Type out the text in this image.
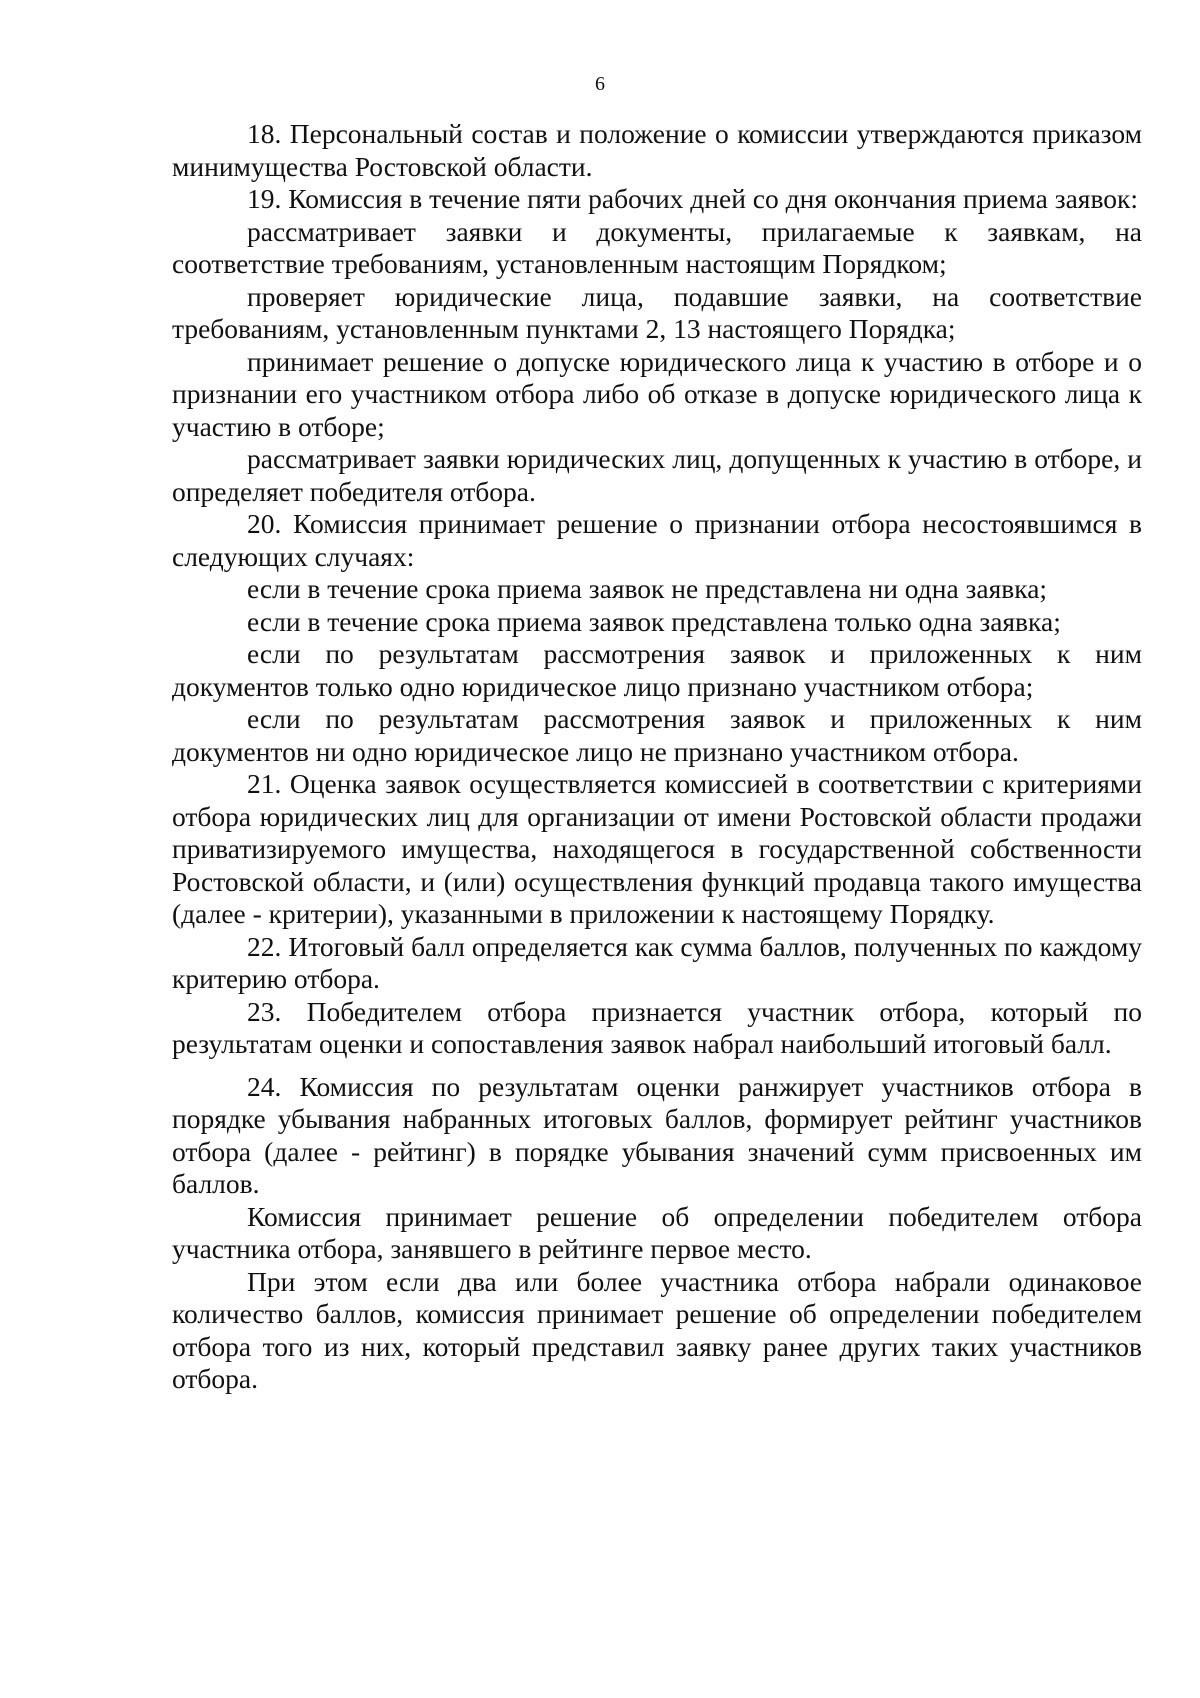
6

18. Персональный состав и положение о комиссии утверждаются приказом минимущества Ростовской области.

19. Комиссия в течение пяти рабочих дней со дня окончания приема заявок:

рассматривает заявки и документы, прилагаемые к заявкам, на соответствие требованиям, установленным настоящим Порядком;

проверяет юридические лица, подавшие заявки, на соответствие требованиям, установленным пунктами 2, 13 настоящего Порядка;

принимает решение о допуске юридического лица к участию в отборе и о признании его участником отбора либо об отказе в допуске юридического лица к участию в отборе;

рассматривает заявки юридических лиц, допущенных к участию в отборе, и определяет победителя отбора.

20. Комиссия принимает решение о признании отбора несостоявшимся в следующих случаях:

если в течение срока приема заявок не представлена ни одна заявка;

если в течение срока приема заявок представлена только одна заявка;

если по результатам рассмотрения заявок и приложенных к ним документов только одно юридическое лицо признано участником отбора;

если по результатам рассмотрения заявок и приложенных к ним документов ни одно юридическое лицо не признано участником отбора.

21. Оценка заявок осуществляется комиссией в соответствии с критериями отбора юридических лиц для организации от имени Ростовской области продажи приватизируемого имущества, находящегося в государственной собственности Ростовской области, и (или) осуществления функций продавца такого имущества (далее - критерии), указанными в приложении к настоящему Порядку.

22. Итоговый балл определяется как сумма баллов, полученных по каждому критерию отбора.

23. Победителем отбора признается участник отбора, который по результатам оценки и сопоставления заявок набрал наибольший итоговый балл.

24. Комиссия по результатам оценки ранжирует участников отбора в порядке убывания набранных итоговых баллов, формирует рейтинг участников отбора (далее - рейтинг) в порядке убывания значений сумм присвоенных им баллов.

Комиссия принимает решение об определении победителем отбора участника отбора, занявшего в рейтинге первое место.

При этом если два или более участника отбора набрали одинаковое количество баллов, комиссия принимает решение об определении победителем отбора того из них, который представил заявку ранее других таких участников отбора.
